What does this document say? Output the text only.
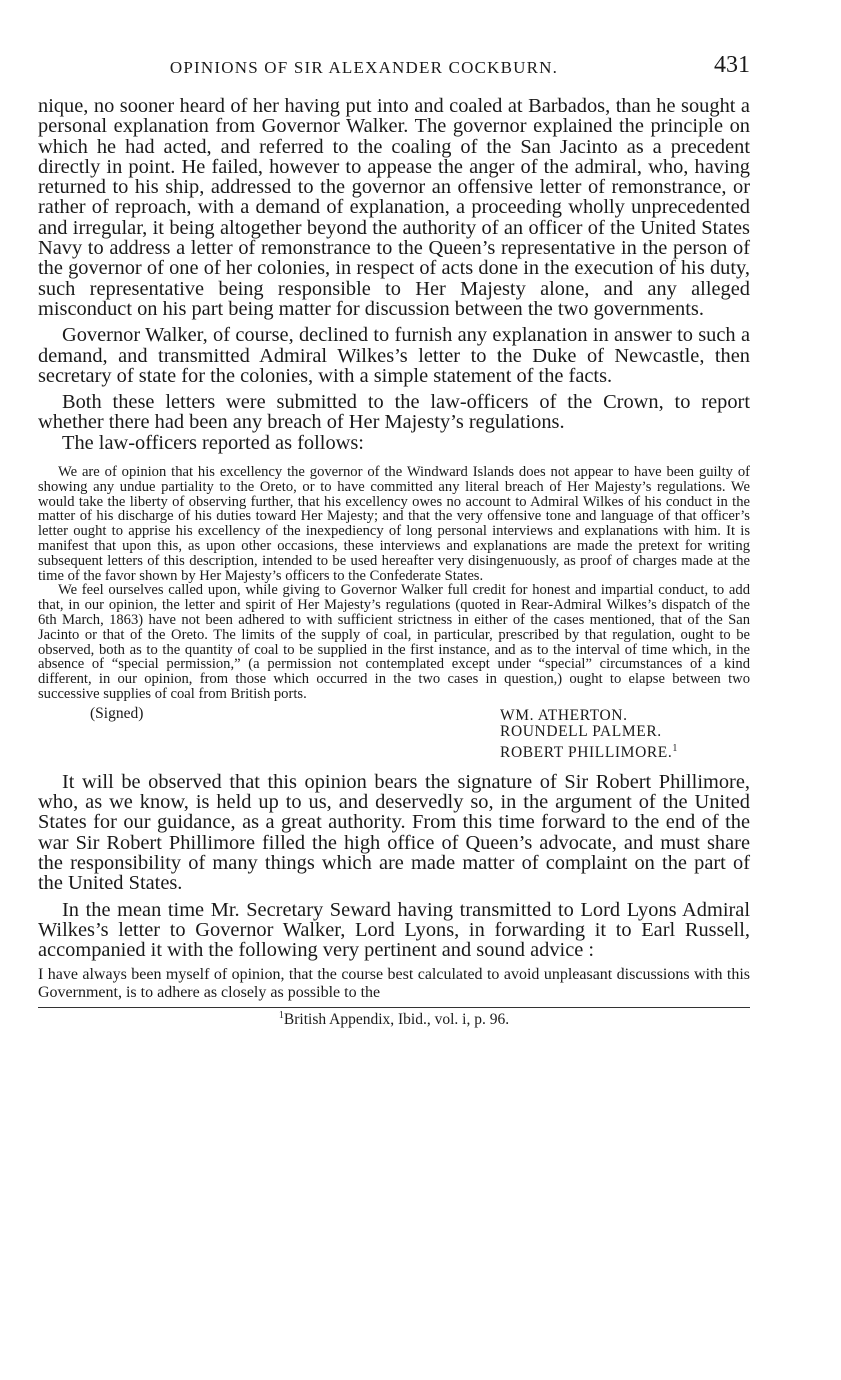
OPINIONS OF SIR ALEXANDER COCKBURN.	431

nique, no sooner heard of her having put into and coaled at Barbados, than he sought a personal explanation from Governor Walker. The governor explained the principle on which he had acted, and referred to the coaling of the San Jacinto as a precedent directly in point. He failed, however to appease the anger of the admiral, who, having returned to his ship, addressed to the governor an offensive letter of remonstrance, or rather of reproach, with a demand of explanation, a proceeding wholly unprecedented and irregular, it being altogether beyond the authority of an officer of the United States Navy to address a letter of remonstrance to the Queen’s representative in the person of the governor of one of her colonies, in respect of acts done in the execution of his duty, such representative being responsible to Her Majesty alone, and any alleged misconduct on his part being matter for discussion between the two governments.

Governor Walker, of course, declined to furnish any explanation in answer to such a demand, and transmitted Admiral Wilkes’s letter to the Duke of Newcastle, then secretary of state for the colonies, with a simple statement of the facts.

Both these letters were submitted to the law-officers of the Crown, to report whether there had been any breach of Her Majesty’s regulations.

The law-officers reported as follows:

We are of opinion that his excellency the governor of the Windward Islands does not appear to have been guilty of showing any undue partiality to the Oreto, or to have committed any literal breach of Her Majesty’s regulations. We would take the liberty of observing further, that his excellency owes no account to Admiral Wilkes of his conduct in the matter of his discharge of his duties toward Her Majesty; and that the very offensive tone and language of that officer’s letter ought to apprise his excellency of the inexpediency of long personal interviews and explanations with him. It is manifest that upon this, as upon other occasions, these interviews and explanations are made the pretext for writing subsequent letters of this description, intended to be used hereafter very disingenuously, as proof of charges made at the time of the favor shown by Her Majesty’s officers to the Confederate States.

We feel ourselves called upon, while giving to Governor Walker full credit for honest and impartial conduct, to add that, in our opinion, the letter and spirit of Her Majesty’s regulations (quoted in Rear-Admiral Wilkes’s dispatch of the 6th March, 1863) have not been adhered to with sufficient strictness in either of the cases mentioned, that of the San Jacinto or that of the Oreto. The limits of the supply of coal, in particular, prescribed by that regulation, ought to be observed, both as to the quantity of coal to be supplied in the first instance, and as to the interval of time which, in the absence of “special permission,” (a permission not contemplated except under “special” circumstances of a kind different, in our opinion, from those which occurred in the two cases in question,) ought to elapse between two successive supplies of coal from British ports.

(Signed)	WM. ATHERTON.
ROUNDELL PALMER.
ROBERT PHILLIMORE.$^1$

It will be observed that this opinion bears the signature of Sir Robert Phillimore, who, as we know, is held up to us, and deservedly so, in the argument of the United States for our guidance, as a great authority. From this time forward to the end of the war Sir Robert Phillimore filled the high office of Queen’s advocate, and must share the responsibility of many things which are made matter of complaint on the part of the United States.

In the mean time Mr. Secretary Seward having transmitted to Lord Lyons Admiral Wilkes’s letter to Governor Walker, Lord Lyons, in forwarding it to Earl Russell, accompanied it with the following very pertinent and sound advice :

I have always been myself of opinion, that the course best calculated to avoid unpleasant discussions with this Government, is to adhere as closely as possible to the

$^1$British Appendix, Ibid., vol. i, p. 96.
